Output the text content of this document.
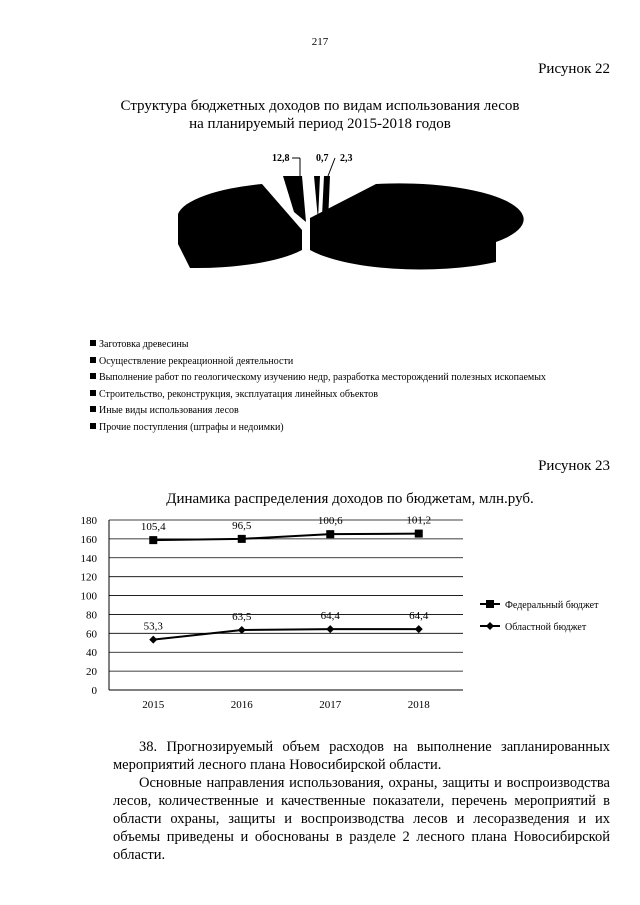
217
Рисунок 22
Структура бюджетных доходов по видам использования лесов
на планируемый период 2015-2018 годов
12,8	0,7 2,3
Заготовка древесины
Осуществление рекреационной деятельности
Выполнение работ по геологическому изучению недр, разработка месторождений полезных ископаемых
Строительство, реконструкция, эксплуатация линейных объектов
Иные виды использования лесов
Прочие поступления (штрафы и недоимки)
Рисунок 23
Динамика распределения доходов по бюджетам, млн.руб.
0
20
40
60
80
100
120
140
160
180
2015	2016	2017	2018
105,4	96,5	100,6	101,2
53,3
63,5	64,4	64,4
Федеральный бюджет
Областной бюджет
38. Прогнозируемый объем расходов на выполнение запланированных мероприятий лесного плана Новосибирской области.
Основные направления использования, охраны, защиты и воспроизводства лесов, количественные и качественные показатели, перечень мероприятий в области охраны, защиты и воспроизводства лесов и лесоразведения и их объемы приведены и обоснованы в разделе 2 лесного плана Новосибирской области.
